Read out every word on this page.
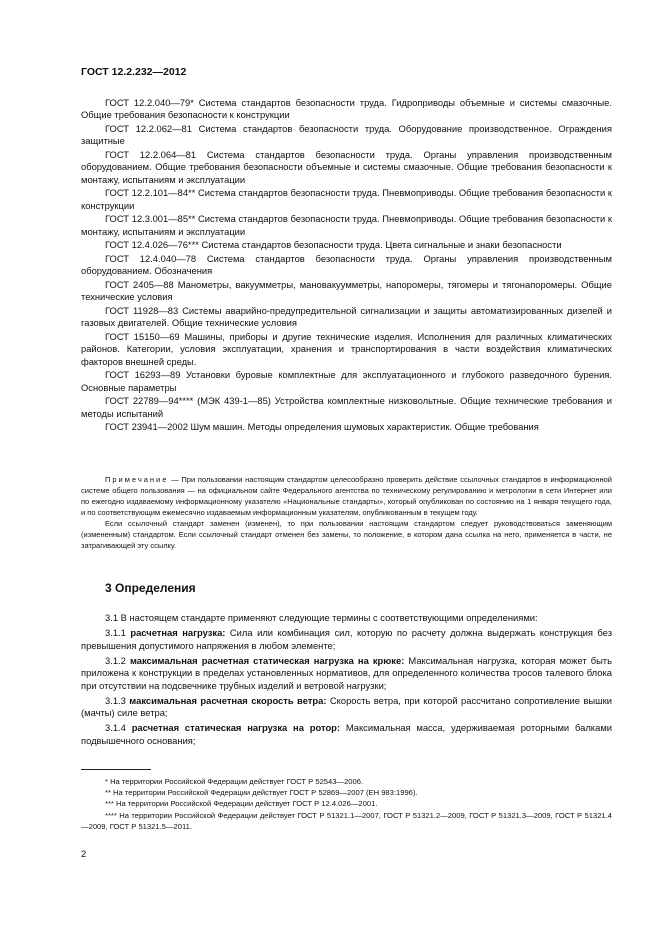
ГОСТ 12.2.232—2012

ГОСТ 12.2.040—79* Система стандартов безопасности труда. Гидроприводы объемные и системы смазочные. Общие требования безопасности к конструкции

ГОСТ 12.2.062—81 Система стандартов безопасности труда. Оборудование производственное. Ограждения защитные

ГОСТ 12.2.064—81 Система стандартов безопасности труда. Органы управления производственным оборудованием. Общие требования безопасности объемные и системы смазочные. Общие требования безопасности к монтажу, испытаниям и эксплуатации

ГОСТ 12.2.101—84** Система стандартов безопасности труда. Пневмоприводы. Общие требования безопасности к конструкции

ГОСТ 12.3.001—85** Система стандартов безопасности труда. Пневмоприводы. Общие требования безопасности к монтажу, испытаниям и эксплуатации

ГОСТ 12.4.026—76*** Система стандартов безопасности труда. Цвета сигнальные и знаки безопасности

ГОСТ 12.4.040—78 Система стандартов безопасности труда. Органы управления производственным оборудованием. Обозначения

ГОСТ 2405—88 Манометры, вакуумметры, мановакуумметры, напоромеры, тягомеры и тягонапоромеры. Общие технические условия

ГОСТ 11928—83 Системы аварийно-предупредительной сигнализации и защиты автоматизированных дизелей и газовых двигателей. Общие технические условия

ГОСТ 15150—69 Машины, приборы и другие технические изделия. Исполнения для различных климатических районов. Категории, условия эксплуатации, хранения и транспортирования в части воздействия климатических факторов внешней среды.

ГОСТ 16293—89 Установки буровые комплектные для эксплуатационного и глубокого разведочного бурения. Основные параметры

ГОСТ 22789—94**** (МЭК 439-1—85) Устройства комплектные низковольтные. Общие технические требования и методы испытаний

ГОСТ 23941—2002 Шум машин. Методы определения шумовых характеристик. Общие требования

Примечание — При пользовании настоящим стандартом целесообразно проверить действие ссылочных стандартов в информационной системе общего пользования — на официальном сайте Федерального агентства по техническому регулированию и метрологии в сети Интернет или по ежегодно издаваемому информационному указателю «Национальные стандарты», который опубликован по состоянию на 1 января текущего года, и по соответствующим ежемесячно издаваемым информационным указателям, опубликованным в текущем году.

Если ссылочный стандарт заменен (изменен), то при пользовании настоящим стандартом следует руководствоваться заменяющим (измененным) стандартом. Если ссылочный стандарт отменен без замены, то положение, в котором дана ссылка на него, применяется в части, не затрагивающей эту ссылку.

3 Определения

3.1 В настоящем стандарте применяют следующие термины с соответствующими определениями:

3.1.1 расчетная нагрузка: Сила или комбинация сил, которую по расчету должна выдержать конструкция без превышения допустимого напряжения в любом элементе;

3.1.2 максимальная расчетная статическая нагрузка на крюке: Максимальная нагрузка, которая может быть приложена к конструкции в пределах установленных нормативов, для определенного количества тросов талевого блока при отсутствии на подсвечнике трубных изделий и ветровой нагрузки;

3.1.3 максимальная расчетная скорость ветра: Скорость ветра, при которой рассчитано сопротивление вышки (мачты) силе ветра;

3.1.4 расчетная статическая нагрузка на ротор: Максимальная масса, удерживаемая роторными балками подвышечного основания;

* На территории Российской Федерации действует ГОСТ Р 52543—2006.

** На территории Российской Федерации действует ГОСТ Р 52869—2007 (ЕН 983:1996).

*** На территории Российской Федерации действует ГОСТ Р 12.4.026—2001.

**** На территории Российской Федерации действует ГОСТ Р 51321.1—2007, ГОСТ Р 51321.2—2009, ГОСТ Р 51321.3—2009, ГОСТ Р 51321.4—2009, ГОСТ Р 51321.5—2011.

2
